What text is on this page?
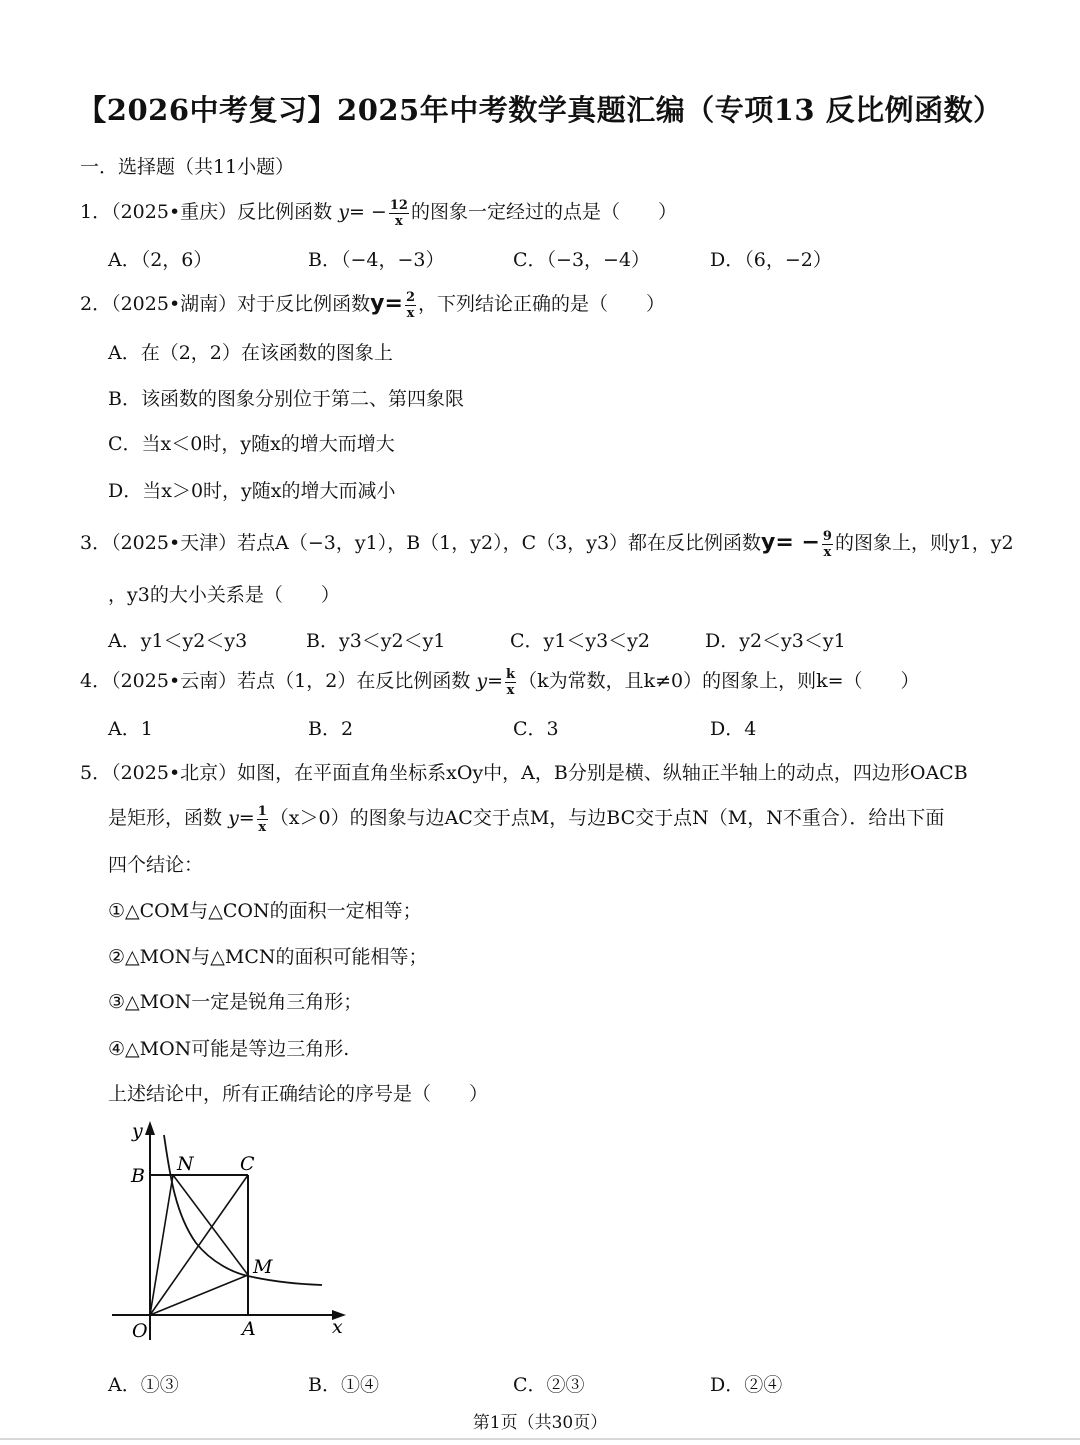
【2026中考复习】2025年中考数学真题汇编（专项13 反比例函数）
一．选择题（共11小题）
1．（2025•重庆）反比例函数 $y= - \frac{12}{x}$ 的图象一定经过的点是（　　）
A．（2，6）	B．（−4，−3）	C．（−3，−4）	D．（6，−2）
2．（2025•湖南）对于反比例函数$y= \frac{2}{x}$ ，下列结论正确的是（　　）
A．在（2，2）在该函数的图象上
B．该函数的图象分别位于第二、第四象限
C．当x＜0时，y随x的增大而增大
D．当x＞0时，y随x的增大而减小
3．（2025•天津）若点A（−3，y1），B（1，y2），C（3，y3）都在反比例函数$y= - \frac{9}{x}$ 的图象上，则y1，y2
，y3的大小关系是（　　）
A．y1＜y2＜y3	B．y3＜y2＜y1	C．y1＜y3＜y2	D．y2＜y3＜y1
4．（2025•云南）若点（1，2）在反比例函数 $y= \frac{k}{x} (k$为常数，且k≠0）的图象上，则k=（　　）
A．1	B．2	C．3	D．4
5．（2025•北京）如图，在平面直角坐标系xOy中，A，B分别是横、纵轴正半轴上的动点，四边形OACB
是矩形，函数 $y= \frac{1}{x} (x>0)$的图象与边AC交于点M，与边BC交于点N（M，N不重合）．给出下面
四个结论：
①△COM与△CON的面积一定相等；
②△MON与△MCN的面积可能相等；
③△MON一定是锐角三角形；
④△MON可能是等边三角形.
上述结论中，所有正确结论的序号是（　　）
y
x
O	A
B
C
N
M
A．①③	B．①④	C．②③	D．②④
第1页（共30页）
